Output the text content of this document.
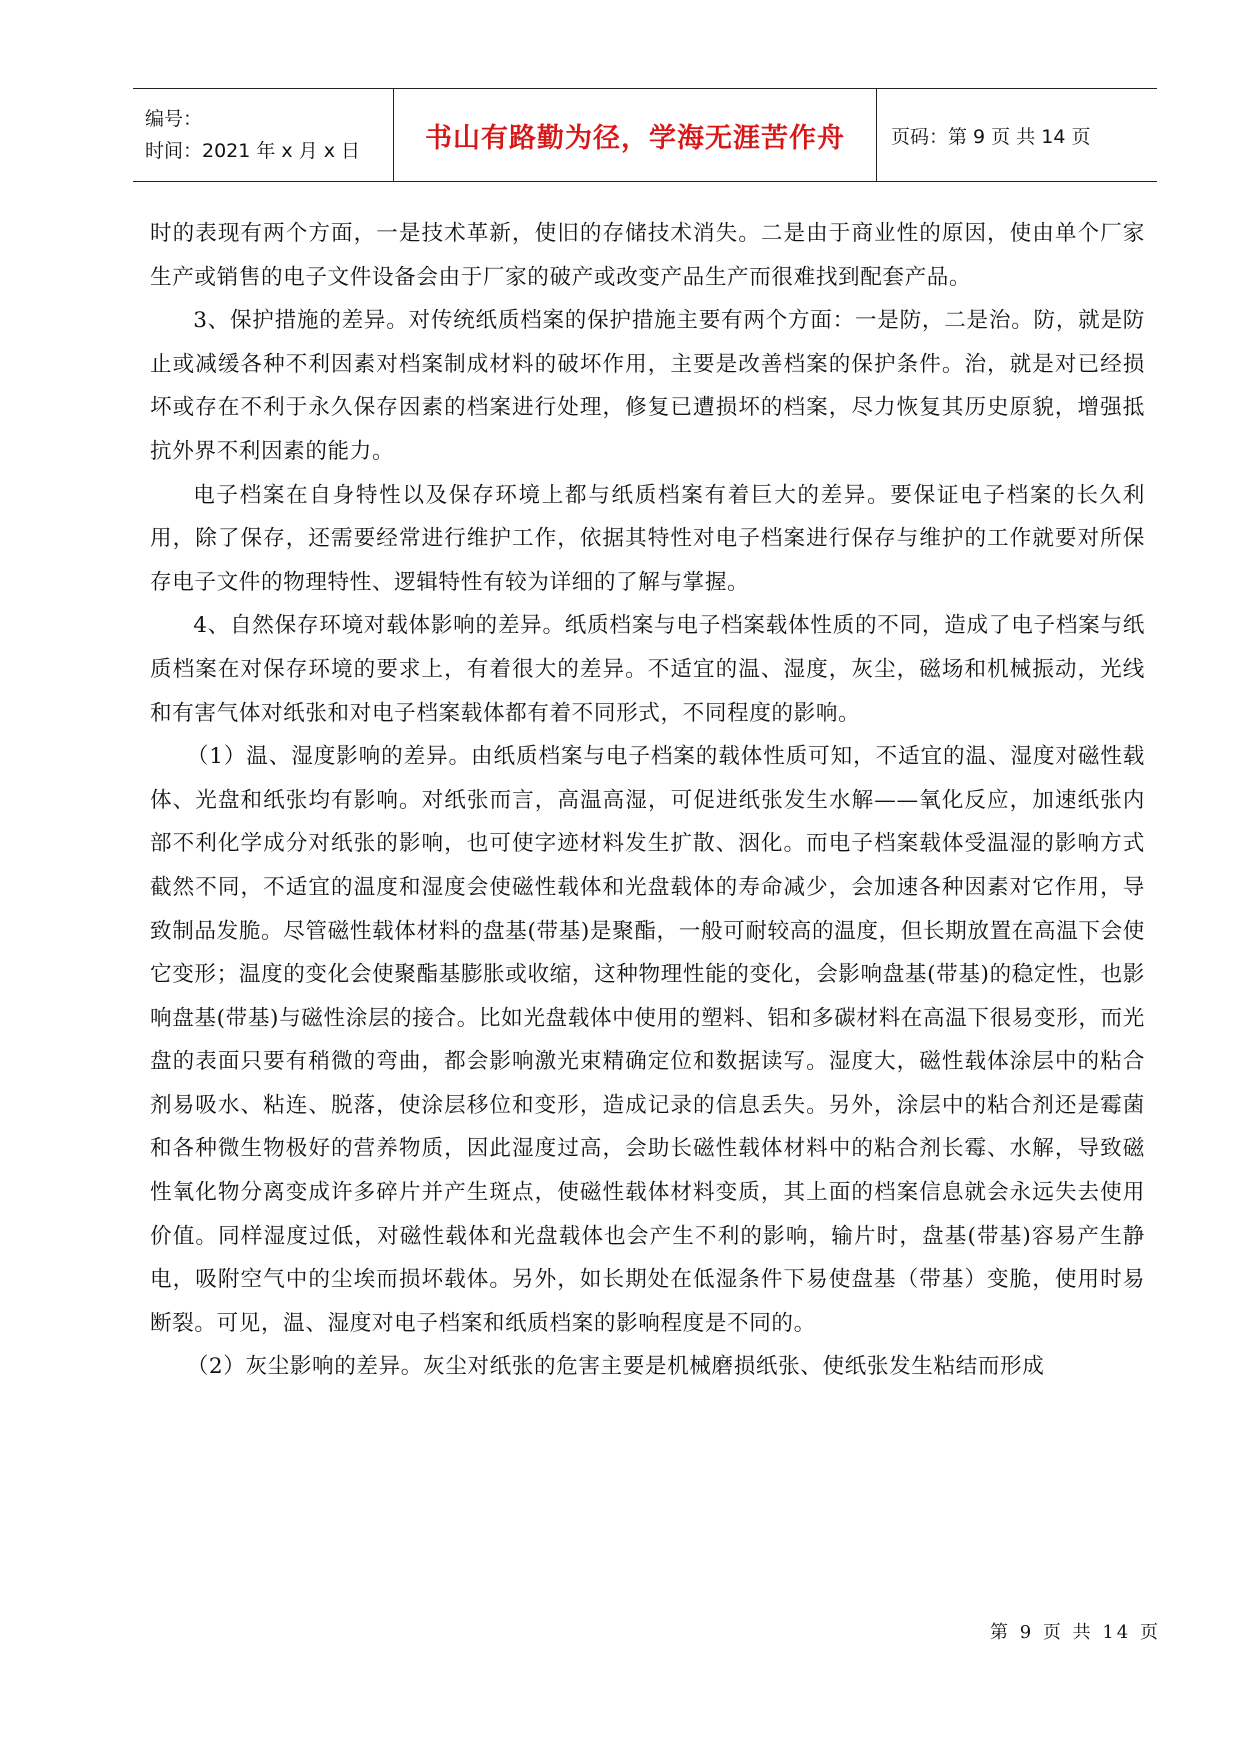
编号：
时间：2021 年 x 月 x 日	书山有路勤为径，学海无涯苦作舟 页码：第 9 页 共 14 页

时的表现有两个方面，一是技术革新，使旧的存储技术消失。二是由于商业性的原因，使由单个厂家生产或销售的电子文件设备会由于厂家的破产或改变产品生产而很难找到配套产品。

3、保护措施的差异。对传统纸质档案的保护措施主要有两个方面：一是防，二是治。防，就是防止或减缓各种不利因素对档案制成材料的破坏作用，主要是改善档案的保护条件。治，就是对已经损坏或存在不利于永久保存因素的档案进行处理，修复已遭损坏的档案，尽力恢复其历史原貌，增强抵抗外界不利因素的能力。

电子档案在自身特性以及保存环境上都与纸质档案有着巨大的差异。要保证电子档案的长久利用，除了保存，还需要经常进行维护工作，依据其特性对电子档案进行保存与维护的工作就要对所保存电子文件的物理特性、逻辑特性有较为详细的了解与掌握。

4、自然保存环境对载体影响的差异。纸质档案与电子档案载体性质的不同，造成了电子档案与纸质档案在对保存环境的要求上，有着很大的差异。不适宜的温、湿度，灰尘，磁场和机械振动，光线和有害气体对纸张和对电子档案载体都有着不同形式，不同程度的影响。

（1）温、湿度影响的差异。由纸质档案与电子档案的载体性质可知，不适宜的温、湿度对磁性载体、光盘和纸张均有影响。对纸张而言，高温高湿，可促进纸张发生水解——氧化反应，加速纸张内部不利化学成分对纸张的影响，也可使字迹材料发生扩散、洇化。而电子档案载体受温湿的影响方式截然不同，不适宜的温度和湿度会使磁性载体和光盘载体的寿命减少，会加速各种因素对它作用，导致制品发脆。尽管磁性载体材料的盘基(带基)是聚酯，一般可耐较高的温度，但长期放置在高温下会使它变形；温度的变化会使聚酯基膨胀或收缩，这种物理性能的变化，会影响盘基(带基)的稳定性，也影响盘基(带基)与磁性涂层的接合。比如光盘载体中使用的塑料、铝和多碳材料在高温下很易变形，而光盘的表面只要有稍微的弯曲，都会影响激光束精确定位和数据读写。湿度大，磁性载体涂层中的粘合剂易吸水、粘连、脱落，使涂层移位和变形，造成记录的信息丢失。另外，涂层中的粘合剂还是霉菌和各种微生物极好的营养物质，因此湿度过高，会助长磁性载体材料中的粘合剂长霉、水解，导致磁性氧化物分离变成许多碎片并产生斑点，使磁性载体材料变质，其上面的档案信息就会永远失去使用价值。同样湿度过低，对磁性载体和光盘载体也会产生不利的影响，输片时，盘基(带基)容易产生静电，吸附空气中的尘埃而损坏载体。另外，如长期处在低湿条件下易使盘基（带基）变脆，使用时易断裂。可见，温、湿度对电子档案和纸质档案的影响程度是不同的。

（2）灰尘影响的差异。灰尘对纸张的危害主要是机械磨损纸张、使纸张发生粘结而形成

第 9 页 共 14 页
